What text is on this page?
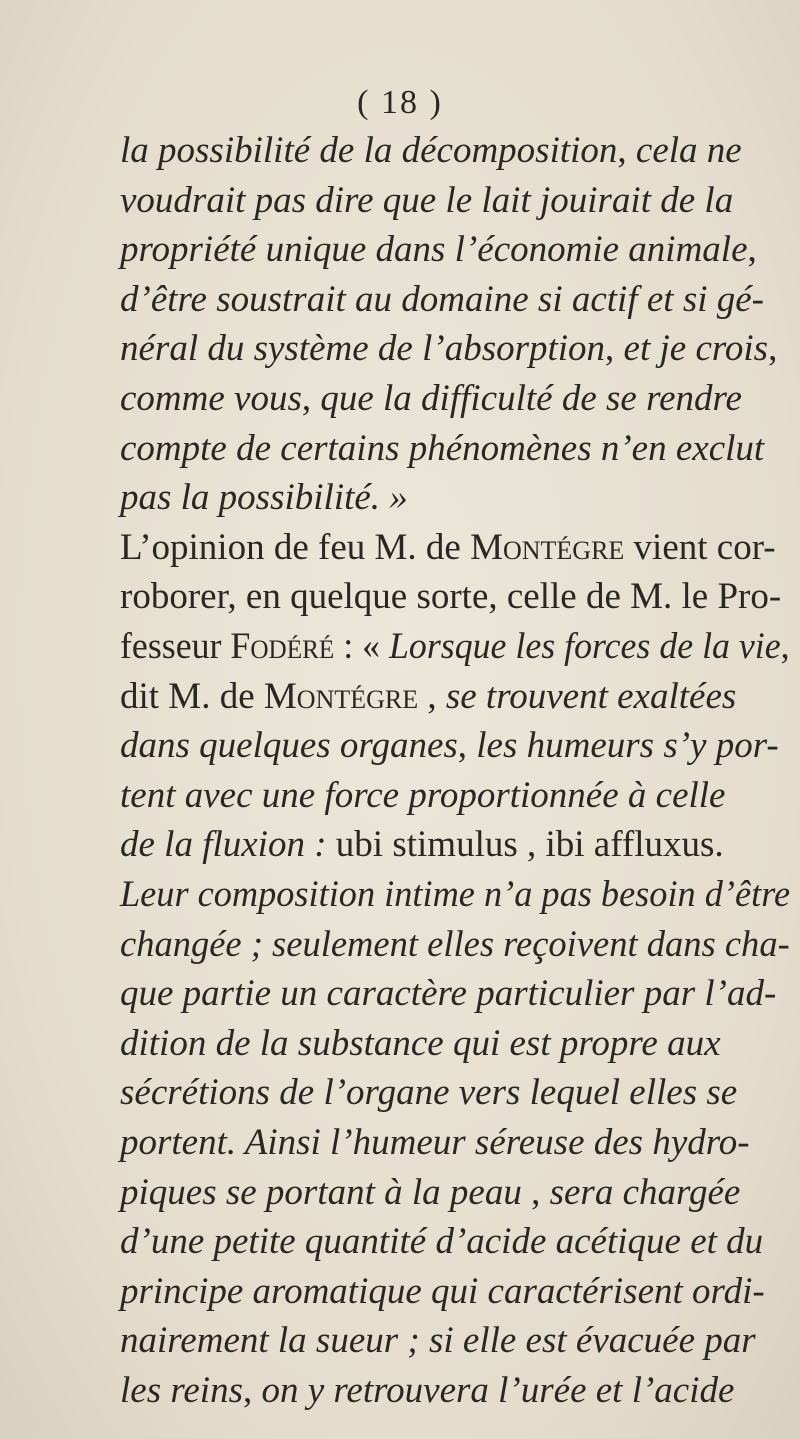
( 18 )
la possibilité de la décomposition, cela ne
voudrait pas dire que le lait jouirait de la
propriété unique dans l’économie animale,
d’être soustrait au domaine si actif et si gé-
néral du système de l’absorption, et je crois,
comme vous, que la difficulté de se rendre
compte de certains phénomènes n’en exclut
pas la possibilité. »
L’opinion de feu M. de Montégre vient cor-
roborer, en quelque sorte, celle de M. le Pro-
fesseur Fodéré : « Lorsque les forces de la vie,
dit M. de Montégre , se trouvent exaltées
dans quelques organes, les humeurs s’y por-
tent avec une force proportionnée à celle
de la fluxion : ubi stimulus , ibi affluxus.
Leur composition intime n’a pas besoin d’être
changée ; seulement elles reçoivent dans cha-
que partie un caractère particulier par l’ad-
dition de la substance qui est propre aux
sécrétions de l’organe vers lequel elles se
portent. Ainsi l’humeur séreuse des hydro-
piques se portant à la peau , sera chargée
d’une petite quantité d’acide acétique et du
principe aromatique qui caractérisent ordi-
nairement la sueur ; si elle est évacuée par
les reins, on y retrouvera l’urée et l’acide
